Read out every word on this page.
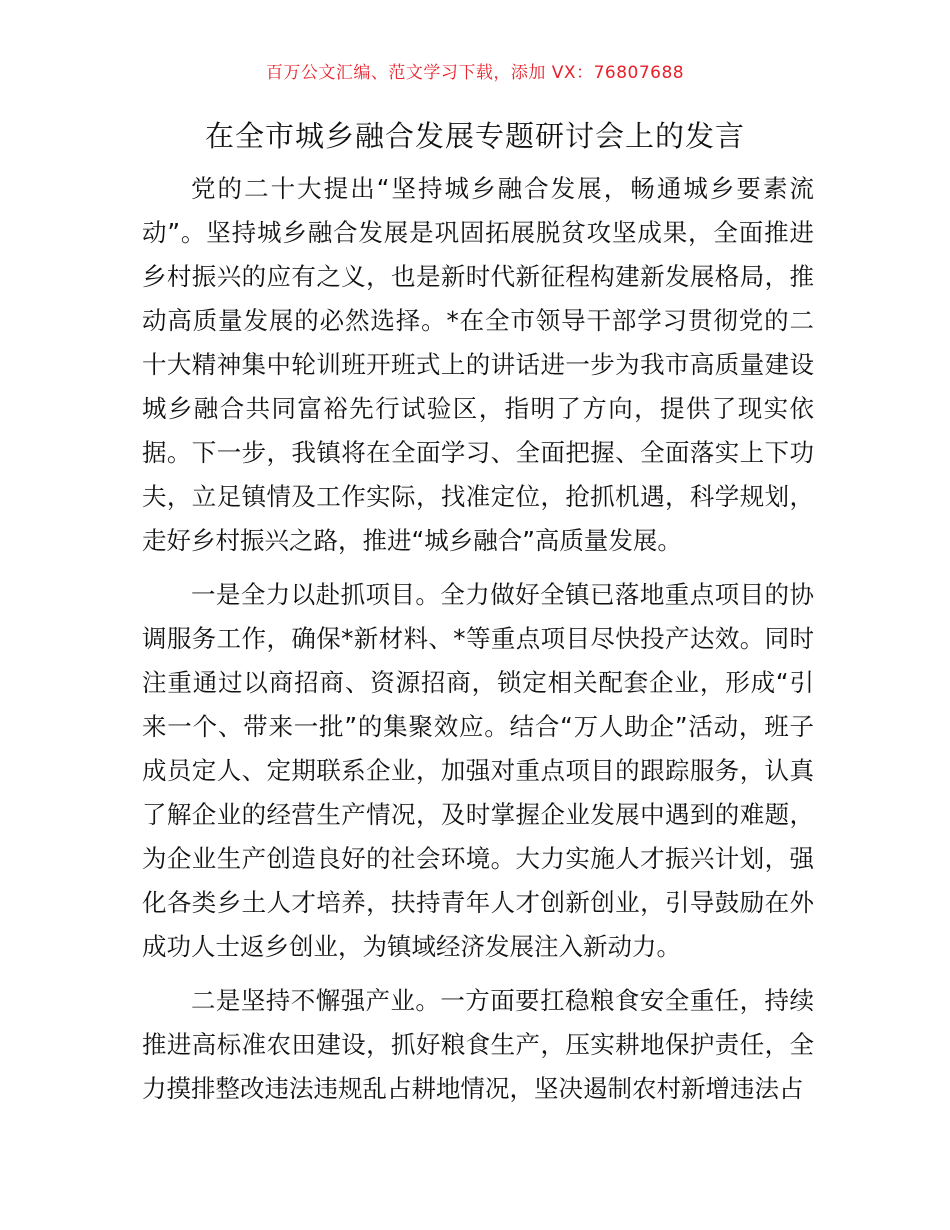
百万公文汇编、范文学习下载，添加 VX：76807688
在全市城乡融合发展专题研讨会上的发言

党的二十大提出“坚持城乡融合发展，畅通城乡要素流动”。坚持城乡融合发展是巩固拓展脱贫攻坚成果，全面推进乡村振兴的应有之义，也是新时代新征程构建新发展格局，推动高质量发展的必然选择。*在全市领导干部学习贯彻党的二十大精神集中轮训班开班式上的讲话进一步为我市高质量建设城乡融合共同富裕先行试验区，指明了方向，提供了现实依据。下一步，我镇将在全面学习、全面把握、全面落实上下功夫，立足镇情及工作实际，找准定位，抢抓机遇，科学规划，走好乡村振兴之路，推进“城乡融合”高质量发展。

一是全力以赴抓项目。全力做好全镇已落地重点项目的协调服务工作，确保*新材料、*等重点项目尽快投产达效。同时注重通过以商招商、资源招商，锁定相关配套企业，形成“引来一个、带来一批”的集聚效应。结合“万人助企”活动，班子成员定人、定期联系企业，加强对重点项目的跟踪服务，认真了解企业的经营生产情况，及时掌握企业发展中遇到的难题，为企业生产创造良好的社会环境。大力实施人才振兴计划，强化各类乡土人才培养，扶持青年人才创新创业，引导鼓励在外成功人士返乡创业，为镇域经济发展注入新动力。

二是坚持不懈强产业。一方面要扛稳粮食安全重任，持续推进高标准农田建设，抓好粮食生产，压实耕地保护责任，全力摸排整改违法违规乱占耕地情况，坚决遏制农村新增违法占
